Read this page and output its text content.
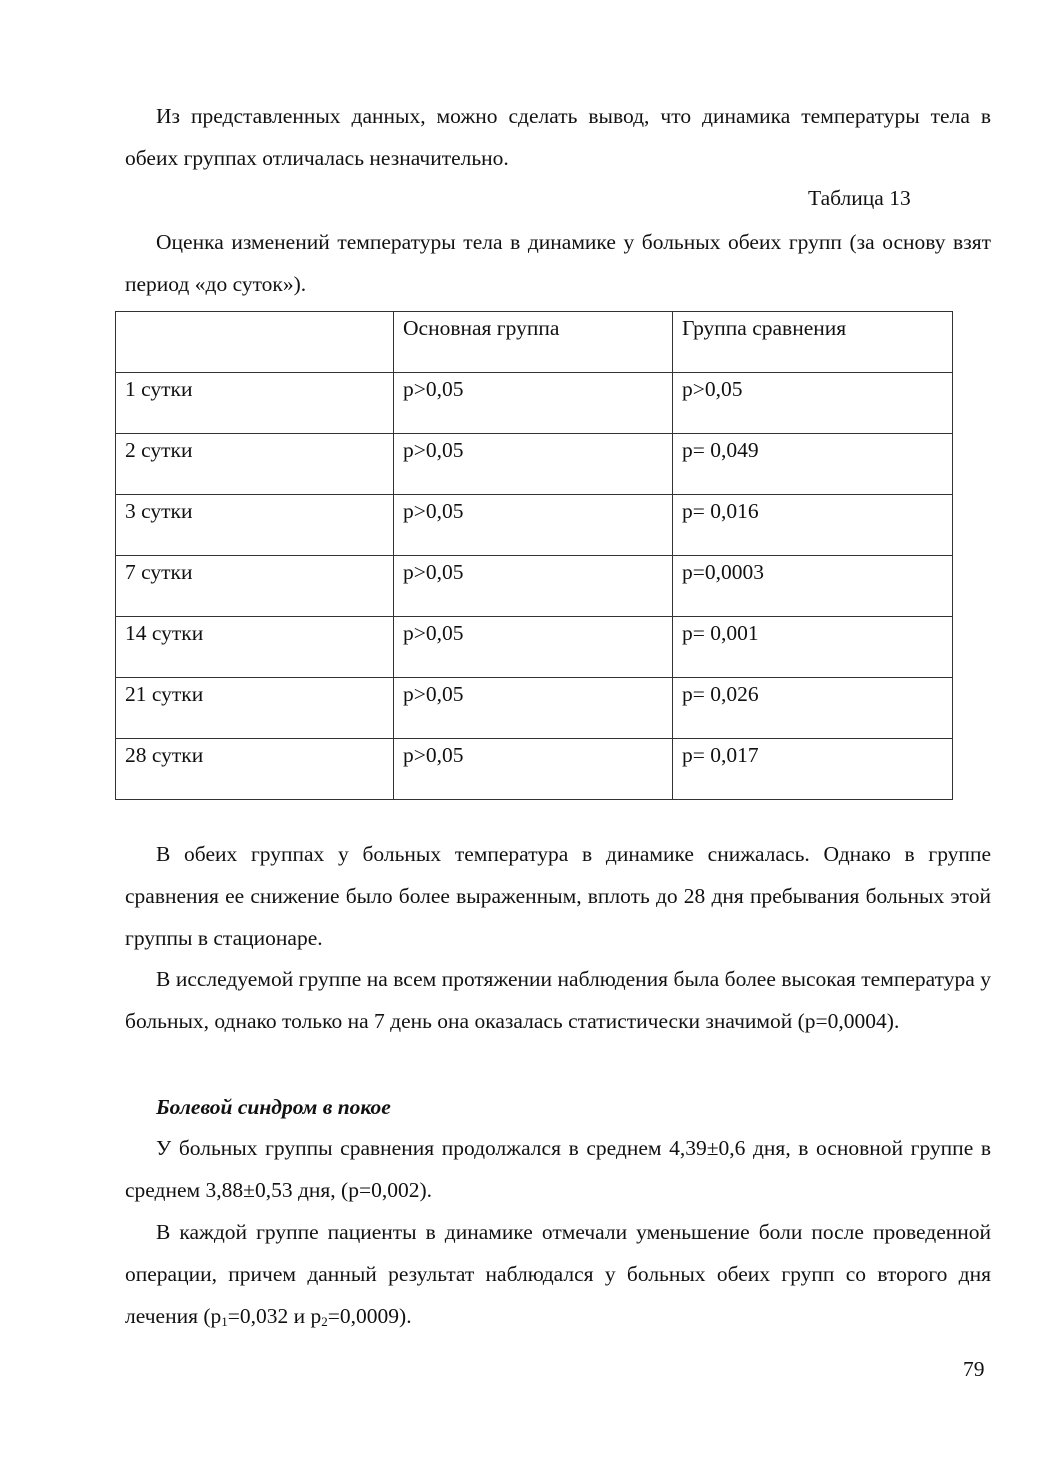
Из представленных данных, можно сделать вывод, что динамика температуры тела в обеих группах отличалась незначительно.

Таблица 13

Оценка изменений температуры тела в динамике у больных обеих групп (за основу взят период «до суток»).

	Основная группа	Группа сравнения
1 сутки	p>0,05	p>0,05
2 сутки	p>0,05	p= 0,049
3 сутки	p>0,05	p= 0,016
7 сутки	p>0,05	p=0,0003
14 сутки	p>0,05	p= 0,001
21 сутки	p>0,05	p= 0,026
28 сутки	p>0,05	p= 0,017

В обеих группах у больных температура в динамике снижалась. Однако в группе сравнения ее снижение было более выраженным, вплоть до 28 дня пребывания больных этой группы в стационаре.

В исследуемой группе на всем протяжении наблюдения была более высокая температура у больных, однако только на 7 день она оказалась статистически значимой (р=0,0004).

Болевой синдром в покое

У больных группы сравнения продолжался в среднем 4,39±0,6 дня, в основной группе в среднем 3,88±0,53 дня, (p=0,002).

В каждой группе пациенты в динамике отмечали уменьшение боли после проведенной операции, причем данный результат наблюдался у больных обеих групп со второго дня лечения ($р_1=0,032$ и $р_2=0,0009$).

79
